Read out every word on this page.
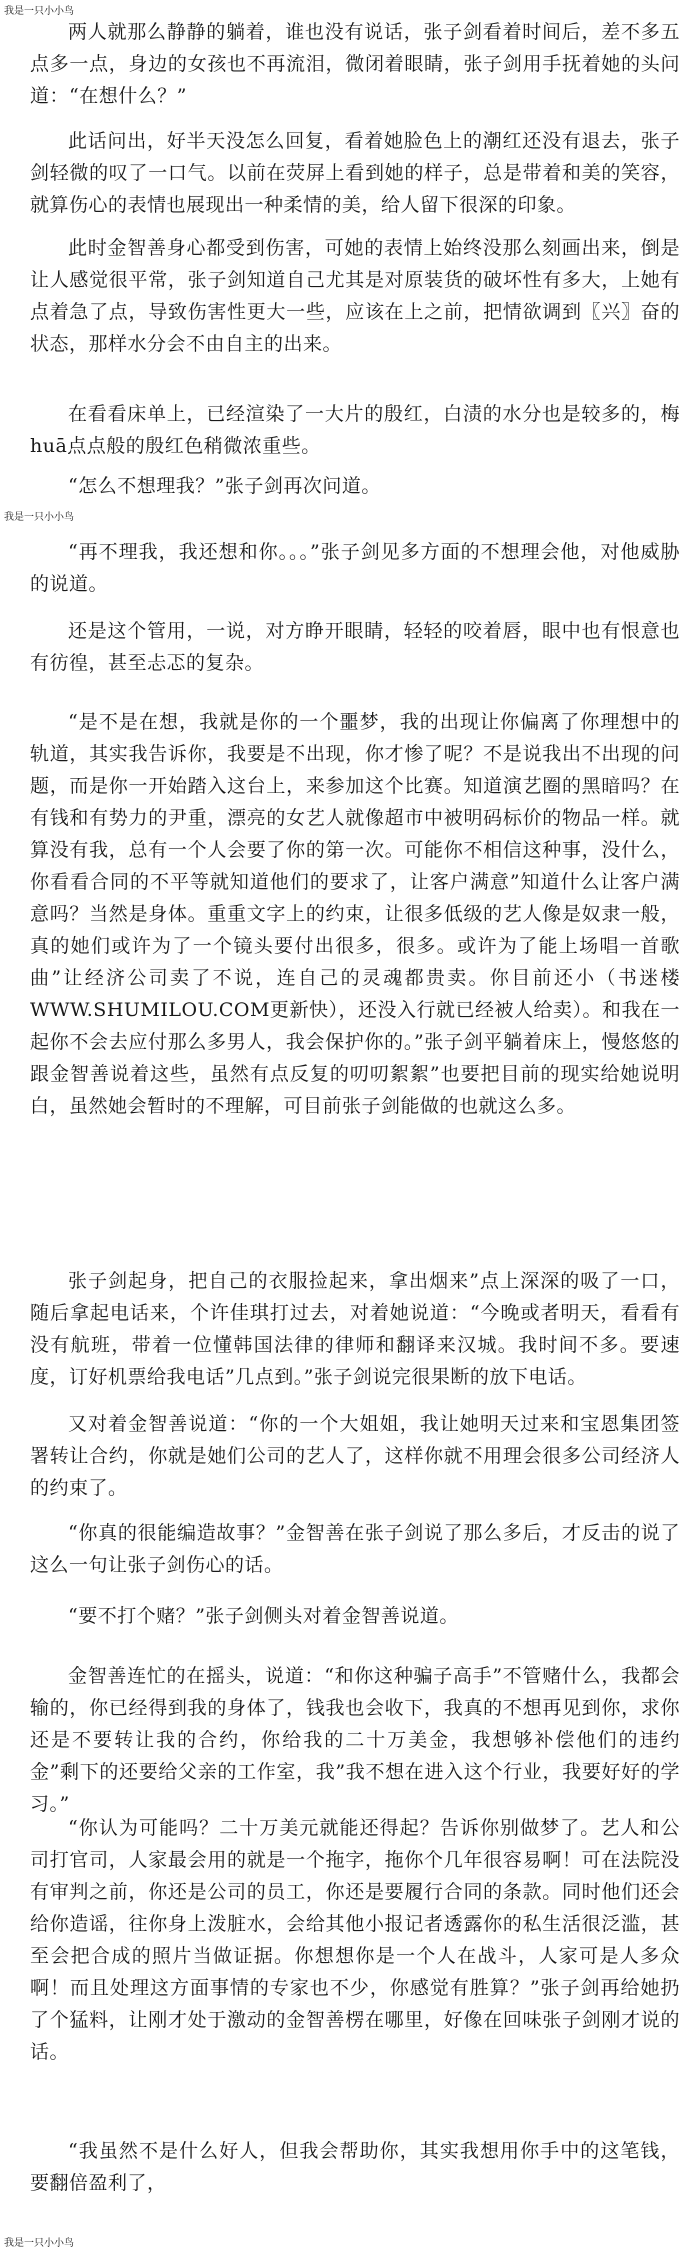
我是一只小小鸟

两人就那么静静的躺着，谁也没有说话，张子剑看着时间后，差不多五点多一点，身边的女孩也不再流泪，微闭着眼睛，张子剑用手抚着她的头问道：“在想什么？”

此话问出，好半天没怎么回复，看着她脸色上的潮红还没有退去，张子剑轻微的叹了一口气。以前在荧屏上看到她的样子，总是带着和美的笑容，就算伤心的表情也展现出一种柔情的美，给人留下很深的印象。

此时金智善身心都受到伤害，可她的表情上始终没那么刻画出来，倒是让人感觉很平常，张子剑知道自己尤其是对原装货的破坏性有多大，上她有点着急了点，导致伤害性更大一些，应该在上之前，把情欲调到〖兴〗奋的状态，那样水分会不由自主的出来。

在看看床单上，已经渲染了一大片的殷红，白渍的水分也是较多的，梅huā点点般的殷红色稍微浓重些。

“怎么不想理我？”张子剑再次问道。

我是一只小小鸟

“再不理我，我还想和你。。。”张子剑见多方面的不想理会他，对他威胁的说道。

还是这个管用，一说，对方睁开眼睛，轻轻的咬着唇，眼中也有恨意也有彷徨，甚至忐忑的复杂。

“是不是在想，我就是你的一个噩梦，我的出现让你偏离了你理想中的轨道，其实我告诉你，我要是不出现，你才惨了呢？不是说我出不出现的问题，而是你一开始踏入这台上，来参加这个比赛。知道演艺圈的黑暗吗？在有钱和有势力的尹重，漂亮的女艺人就像超市中被明码标价的物品一样。就算没有我，总有一个人会要了你的第一次。可能你不相信这种事，没什么，你看看合同的不平等就知道他们的要求了，让客户满意”知道什么让客户满意吗？当然是身体。重重文字上的约束，让很多低级的艺人像是奴隶一般，真的她们或许为了一个镜头要付出很多，很多。或许为了能上场唱一首歌曲”让经济公司卖了不说，连自己的灵魂都贵卖。你目前还小（书迷楼WWW.SHUMILOU.COM更新快），还没入行就已经被人给卖）。和我在一起你不会去应付那么多男人，我会保护你的。”张子剑平躺着床上，慢悠悠的跟金智善说着这些，虽然有点反复的叨叨絮絮”也要把目前的现实给她说明白，虽然她会暂时的不理解，可目前张子剑能做的也就这么多。

张子剑起身，把自己的衣服捡起来，拿出烟来”点上深深的吸了一口，随后拿起电话来，个许佳琪打过去，对着她说道：“今晚或者明天，看看有没有航班，带着一位懂韩国法律的律师和翻译来汉城。我时间不多。要速度，订好机票给我电话”几点到。”张子剑说完很果断的放下电话。

又对着金智善说道：“你的一个大姐姐，我让她明天过来和宝恩集团签署转让合约，你就是她们公司的艺人了，这样你就不用理会很多公司经济人的约束了。

“你真的很能编造故事？”金智善在张子剑说了那么多后，才反击的说了这么一句让张子剑伤心的话。

“要不打个赌？”张子剑侧头对着金智善说道。

金智善连忙的在摇头，说道：“和你这种骗子高手”不管赌什么，我都会输的，你已经得到我的身体了，钱我也会收下，我真的不想再见到你，求你还是不要转让我的合约，你给我的二十万美金，我想够补偿他们的违约金”剩下的还要给父亲的工作室，我”我不想在进入这个行业，我要好好的学习。”

“你认为可能吗？二十万美元就能还得起？告诉你别做梦了。艺人和公司打官司，人家最会用的就是一个拖字，拖你个几年很容易啊！可在法院没有审判之前，你还是公司的员工，你还是要履行合同的条款。同时他们还会给你造谣，往你身上泼脏水，会给其他小报记者透露你的私生活很泛滥，甚至会把合成的照片当做证据。你想想你是一个人在战斗，人家可是人多众啊！而且处理这方面事情的专家也不少，你感觉有胜算？”张子剑再给她扔了个猛料，让刚才处于激动的金智善楞在哪里，好像在回味张子剑刚才说的话。

“我虽然不是什么好人，但我会帮助你，其实我想用你手中的这笔钱，要翻倍盈利了，

我是一只小小鸟
